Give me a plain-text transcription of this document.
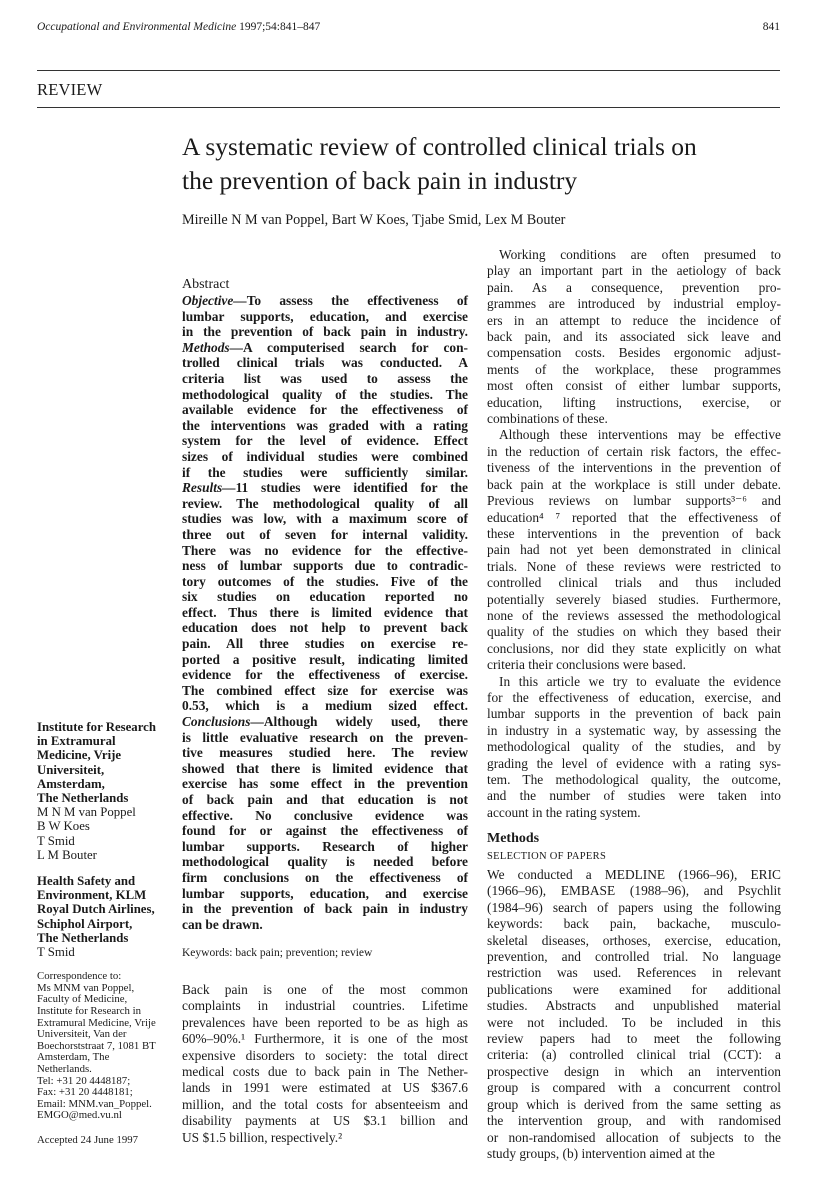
Occupational and Environmental Medicine 1997;54:841–847	841
REVIEW
A systematic review of controlled clinical trials on
the prevention of back pain in industry
Mireille N M van Poppel, Bart W Koes, Tjabe Smid, Lex M Bouter
Institute for Research
in Extramural
Medicine, Vrije
Universiteit,
Amsterdam,
The Netherlands
M N M van Poppel
B W Koes
T Smid
L M Bouter
Health Safety and
Environment, KLM
Royal Dutch Airlines,
Schiphol Airport,
The Netherlands
T Smid
Correspondence to:
Ms MNM van Poppel,
Faculty of Medicine,
Institute for Research in
Extramural Medicine, Vrije
Universiteit, Van der
Boechorststraat 7, 1081 BT
Amsterdam, The
Netherlands.
Tel: +31 20 4448187;
Fax: +31 20 4448181;
Email: MNM.van_Poppel.
EMGO@med.vu.nl
Accepted 24 June 1997
Abstract
Objective—To assess the effectiveness of
lumbar supports, education, and exercise
in the prevention of back pain in industry.
Methods—A computerised search for con-
trolled clinical trials was conducted. A
criteria list was used to assess the
methodological quality of the studies. The
available evidence for the effectiveness of
the interventions was graded with a rating
system for the level of evidence. Effect
sizes of individual studies were combined
if the studies were sufficiently similar.
Results—11 studies were identified for the
review. The methodological quality of all
studies was low, with a maximum score of
three out of seven for internal validity.
There was no evidence for the effective-
ness of lumbar supports due to contradic-
tory outcomes of the studies. Five of the
six studies on education reported no
effect. Thus there is limited evidence that
education does not help to prevent back
pain. All three studies on exercise re-
ported a positive result, indicating limited
evidence for the effectiveness of exercise.
The combined effect size for exercise was
0.53, which is a medium sized effect.
Conclusions—Although widely used, there
is little evaluative research on the preven-
tive measures studied here. The review
showed that there is limited evidence that
exercise has some effect in the prevention
of back pain and that education is not
effective. No conclusive evidence was
found for or against the effectiveness of
lumbar supports. Research of higher
methodological quality is needed before
firm conclusions on the effectiveness of
lumbar supports, education, and exercise
in the prevention of back pain in industry
can be drawn.
Keywords: back pain; prevention; review
Back pain is one of the most common
complaints in industrial countries. Lifetime
prevalences have been reported to be as high as
60%–90%.¹ Furthermore, it is one of the most
expensive disorders to society: the total direct
medical costs due to back pain in The Nether-
lands in 1991 were estimated at US $367.6
million, and the total costs for absenteeism and
disability payments at US $3.1 billion and
US $1.5 billion, respectively.²
Working conditions are often presumed to
play an important part in the aetiology of back
pain. As a consequence, prevention pro-
grammes are introduced by industrial employ-
ers in an attempt to reduce the incidence of
back pain, and its associated sick leave and
compensation costs. Besides ergonomic adjust-
ments of the workplace, these programmes
most often consist of either lumbar supports,
education, lifting instructions, exercise, or
combinations of these.
Although these interventions may be effective
in the reduction of certain risk factors, the effec-
tiveness of the interventions in the prevention of
back pain at the workplace is still under debate.
Previous reviews on lumbar supports³⁻⁶ and
education⁴ ⁷ reported that the effectiveness of
these interventions in the prevention of back
pain had not yet been demonstrated in clinical
trials. None of these reviews were restricted to
controlled clinical trials and thus included
potentially severely biased studies. Furthermore,
none of the reviews assessed the methodological
quality of the studies on which they based their
conclusions, nor did they state explicitly on what
criteria their conclusions were based.
In this article we try to evaluate the evidence
for the effectiveness of education, exercise, and
lumbar supports in the prevention of back pain
in industry in a systematic way, by assessing the
methodological quality of the studies, and by
grading the level of evidence with a rating sys-
tem. The methodological quality, the outcome,
and the number of studies were taken into
account in the rating system.
Methods
SELECTION OF PAPERS
We conducted a MEDLINE (1966–96), ERIC
(1966–96), EMBASE (1988–96), and Psychlit
(1984–96) search of papers using the following
keywords: back pain, backache, musculo-
skeletal diseases, orthoses, exercise, education,
prevention, and controlled trial. No language
restriction was used. References in relevant
publications were examined for additional
studies. Abstracts and unpublished material
were not included. To be included in this
review papers had to meet the following
criteria: (a) controlled clinical trial (CCT): a
prospective design in which an intervention
group is compared with a concurrent control
group which is derived from the same setting as
the intervention group, and with randomised
or non-randomised allocation of subjects to the
study groups, (b) intervention aimed at the
